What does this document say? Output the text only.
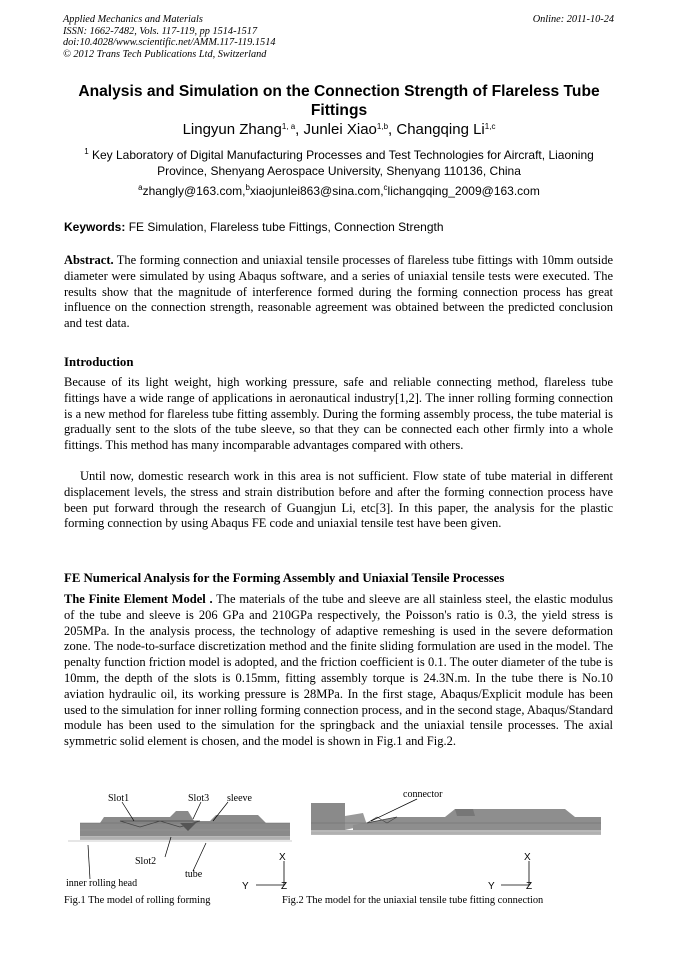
Applied Mechanics and Materials
ISSN: 1662-7482, Vols. 117-119, pp 1514-1517
doi:10.4028/www.scientific.net/AMM.117-119.1514
© 2012 Trans Tech Publications Ltd, Switzerland
Online: 2011-10-24
Analysis and Simulation on the Connection Strength of Flareless Tube Fittings
Lingyun Zhang$^{1, a}$, Junlei Xiao$^{1,b}$, Changqing Li$^{1,c}$
$^1$ Key Laboratory of Digital Manufacturing Processes and Test Technologies for Aircraft, Liaoning Province, Shenyang Aerospace University, Shenyang 110136, China
$^a$zhangly@163.com,$^b$xiaojunlei863@sina.com,$^c$lichangqing_2009@163.com
Keywords: FE Simulation, Flareless tube Fittings, Connection Strength
Abstract. The forming connection and uniaxial tensile processes of flareless tube fittings with 10mm outside diameter were simulated by using Abaqus software, and a series of uniaxial tensile tests were executed. The results show that the magnitude of interference formed during the forming connection process has great influence on the connection strength, reasonable agreement was obtained between the predicted conclusion and test data.
Introduction
Because of its light weight, high working pressure, safe and reliable connecting method, flareless tube fittings have a wide range of applications in aeronautical industry[1,2]. The inner rolling forming connection is a new method for flareless tube fitting assembly. During the forming assembly process, the tube material is gradually sent to the slots of the tube sleeve, so that they can be connected each other firmly into a whole fittings. This method has many incomparable advantages compared with others.
Until now, domestic research work in this area is not sufficient. Flow state of tube material in different displacement levels, the stress and strain distribution before and after the forming connection process have been put forward through the research of Guangjun Li, etc[3]. In this paper, the analysis for the plastic forming connection by using Abaqus FE code and uniaxial tensile test have been given.
FE Numerical Analysis for the Forming Assembly and Uniaxial Tensile Processes
The Finite Element Model . The materials of the tube and sleeve are all stainless steel, the elastic modulus of the tube and sleeve is 206 GPa and 210GPa respectively, the Poisson's ratio is 0.3, the yield stress is 205MPa. In the analysis process, the technology of adaptive remeshing is used in the severe deformation zone. The node-to-surface discretization method and the finite sliding formulation are used in the model. The penalty function friction model is adopted, and the friction coefficient is 0.1. The outer diameter of the tube is 10mm, the depth of the slots is 0.15mm, fitting assembly torque is 24.3N.m. In the tube there is No.10 aviation hydraulic oil, its working pressure is 28MPa. In the first stage, Abaqus/Explicit module has been used to the simulation for inner rolling forming connection process, and in the second stage, Abaqus/Standard module has been used to the simulation for the springback and the uniaxial tensile processes. The axial symmetric solid element is chosen, and the model is shown in Fig.1 and Fig.2.
Slot1	Slot3 sleeve
Slot2
tube
inner rolling head
X
Y	Z
Fig.1 The model of rolling forming
connector
X
Y	Z
Fig.2 The model for the uniaxial tensile tube fitting connection
